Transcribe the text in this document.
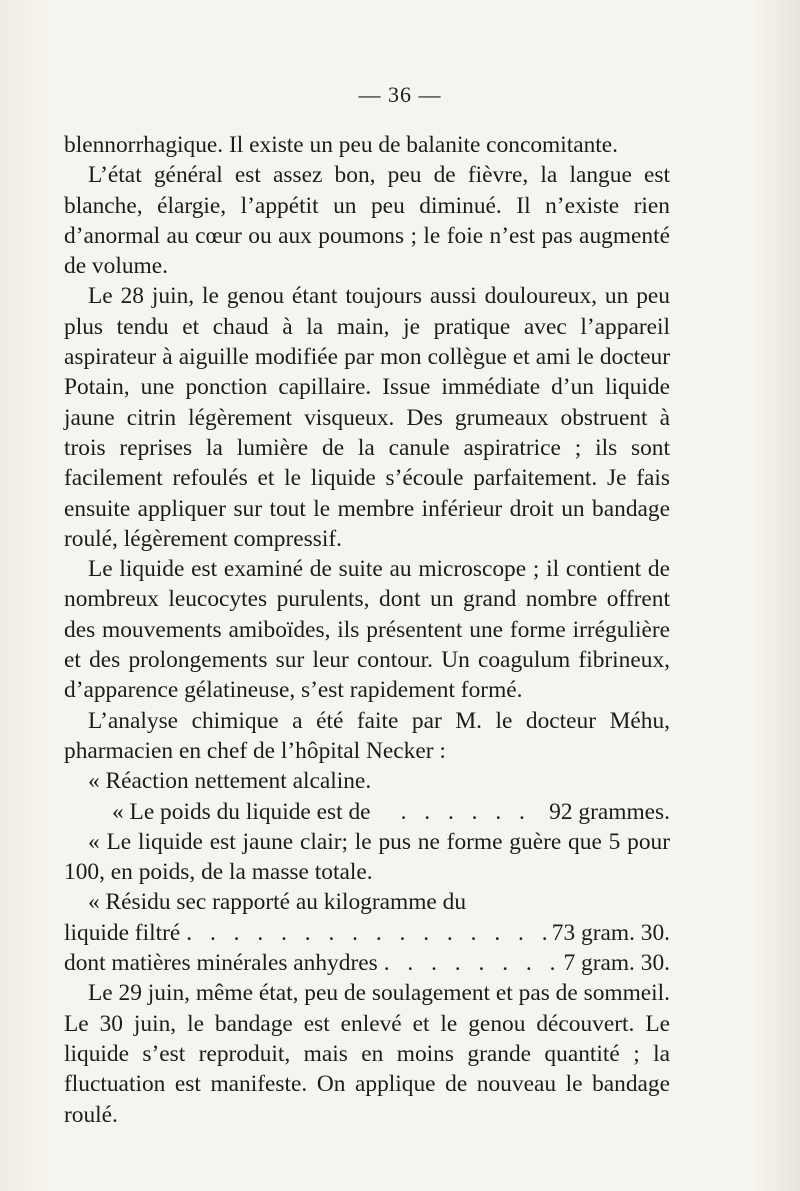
— 36 —

blennorrhagique. Il existe un peu de balanite concomitante.

L’état général est assez bon, peu de fièvre, la langue est blanche, élargie, l’appétit un peu diminué. Il n’existe rien d’anormal au cœur ou aux poumons ; le foie n’est pas augmenté de volume.

Le 28 juin, le genou étant toujours aussi douloureux, un peu plus tendu et chaud à la main, je pratique avec l’appareil aspirateur à aiguille modifiée par mon collègue et ami le docteur Potain, une ponction capillaire. Issue immédiate d’un liquide jaune citrin légèrement visqueux. Des grumeaux obstruent à trois reprises la lumière de la canule aspiratrice ; ils sont facilement refoulés et le liquide s’écoule parfaitement. Je fais ensuite appliquer sur tout le membre inférieur droit un bandage roulé, légèrement compressif.

Le liquide est examiné de suite au microscope ; il contient de nombreux leucocytes purulents, dont un grand nombre offrent des mouvements amiboïdes, ils présentent une forme irrégulière et des prolongements sur leur contour. Un coagulum fibrineux, d’apparence gélatineuse, s’est rapidement formé.

L’analyse chimique a été faite par M. le docteur Méhu, pharmacien en chef de l’hôpital Necker :

« Réaction nettement alcaline.

« Le poids du liquide est de . . .	92 grammes.

« Le liquide est jaune clair; le pus ne forme guère que 5 pour 100, en poids, de la masse totale.

« Résidu sec rapporté au kilogramme du

liquide filtré . . .	73 gram. 30.
dont matières minérales anhydres . . .	7 gram. 30.

Le 29 juin, même état, peu de soulagement et pas de sommeil. Le 30 juin, le bandage est enlevé et le genou découvert. Le liquide s’est reproduit, mais en moins grande quantité ; la fluctuation est manifeste. On applique de nouveau le bandage roulé.
